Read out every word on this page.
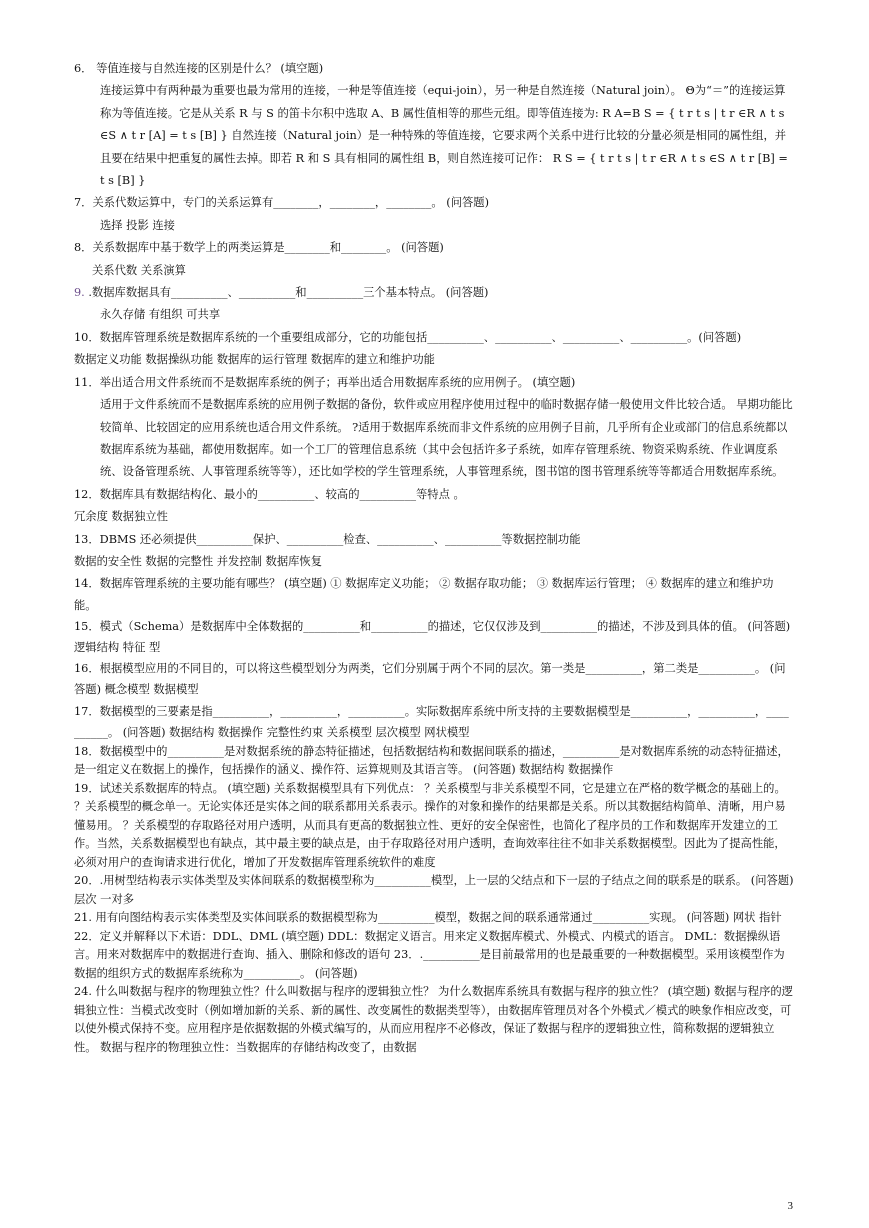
6． 等值连接与自然连接的区别是什么？ (填空题)

连接运算中有两种最为重要也最为常用的连接，一种是等值连接（equi-join），另一种是自然连接（Natural join）。 Θ为“＝”的连接运算称为等值连接。它是从关系 R 与 S 的笛卡尔积中选取 A、B 属性值相等的那些元组。即等值连接为: R A=B S = { t r t s | t r ∈R ∧ t s ∈S ∧ t r [A] = t s [B] } 自然连接（Natural join）是一种特殊的等值连接，它要求两个关系中进行比较的分量必须是相同的属性组，并且要在结果中把重复的属性去掉。即若 R 和 S 具有相同的属性组 B，则自然连接可记作： R S = { t r t s | t r ∈R ∧ t s ∈S ∧ t r [B] = t s [B] }

7．关系代数运算中，专门的关系运算有________，________，________。 (问答题)

选择 投影 连接

8．关系数据库中基于数学上的两类运算是________和________。 (问答题)

关系代数 关系演算

9. .数据库数据具有__________、__________和__________三个基本特点。 (问答题)

永久存储 有组织 可共享

10．数据库管理系统是数据库系统的一个重要组成部分，它的功能包括__________、__________、__________、__________。(问答题)

数据定义功能 数据操纵功能 数据库的运行管理 数据库的建立和维护功能

11．举出适合用文件系统而不是数据库系统的例子；再举出适合用数据库系统的应用例子。 (填空题)

适用于文件系统而不是数据库系统的应用例子数据的备份，软件或应用程序使用过程中的临时数据存储一般使用文件比较合适。 早期功能比较简单、比较固定的应用系统也适合用文件系统。 ?适用于数据库系统而非文件系统的应用例子目前，几乎所有企业或部门的信息系统都以数据库系统为基础，都使用数据库。如一个工厂的管理信息系统（其中会包括许多子系统，如库存管理系统、物资采购系统、作业调度系统、设备管理系统、人事管理系统等等），还比如学校的学生管理系统，人事管理系统，图书馆的图书管理系统等等都适合用数据库系统。

12．数据库具有数据结构化、最小的__________、较高的__________等特点 。

冗余度 数据独立性

13．DBMS 还必须提供__________保护、__________检查、__________、__________等数据控制功能

数据的安全性 数据的完整性 并发控制 数据库恢复

14．数据库管理系统的主要功能有哪些？ (填空题) ① 数据库定义功能； ② 数据存取功能； ③ 数据库运行管理； ④ 数据库的建立和维护功能。

15．模式（Schema）是数据库中全体数据的__________和__________的描述，它仅仅涉及到__________的描述，不涉及到具体的值。 (问答题) 逻辑结构 特征 型

16．根据模型应用的不同目的，可以将这些模型划分为两类，它们分别属于两个不同的层次。第一类是__________，第二类是__________。 (问答题) 概念模型 数据模型

17．数据模型的三要素是指__________，__________，__________。实际数据库系统中所支持的主要数据模型是__________，__________，__________。 (问答题) 数据结构 数据操作 完整性约束 关系模型 层次模型 网状模型

18．数据模型中的__________是对数据系统的静态特征描述，包括数据结构和数据间联系的描述，__________是对数据库系统的动态特征描述，是一组定义在数据上的操作，包括操作的涵义、操作符、运算规则及其语言等。 (问答题) 数据结构 数据操作

19．试述关系数据库的特点。 (填空题) 关系数据模型具有下列优点： ？关系模型与非关系模型不同，它是建立在严格的数学概念的基础上的。 ？关系模型的概念单一。无论实体还是实体之间的联系都用关系表示。操作的对象和操作的结果都是关系。所以其数据结构简单、清晰，用户易懂易用。 ？关系模型的存取路径对用户透明，从而具有更高的数据独立性、更好的安全保密性，也简化了程序员的工作和数据库开发建立的工作。当然，关系数据模型也有缺点，其中最主要的缺点是，由于存取路径对用户透明，查询效率往往不如非关系数据模型。因此为了提高性能，必须对用户的查询请求进行优化，增加了开发数据库管理系统软件的难度

20．.用树型结构表示实体类型及实体间联系的数据模型称为__________模型，上一层的父结点和下一层的子结点之间的联系是的联系。 (问答题) 层次 一对多

21. 用有向图结构表示实体类型及实体间联系的数据模型称为__________模型，数据之间的联系通常通过__________实现。 (问答题) 网状 指针

22．定义并解释以下术语：DDL、DML (填空题) DDL：数据定义语言。用来定义数据库模式、外模式、内模式的语言。 DML：数据操纵语言。用来对数据库中的数据进行查询、插入、删除和修改的语句 23．.__________是目前最常用的也是最重要的一种数据模型。采用该模型作为数据的组织方式的数据库系统称为__________。 (问答题)

24. 什么叫数据与程序的物理独立性？什么叫数据与程序的逻辑独立性？ 为什么数据库系统具有数据与程序的独立性？ (填空题) 数据与程序的逻辑独立性：当模式改变时（例如增加新的关系、新的属性、改变属性的数据类型等），由数据库管理员对各个外模式／模式的映象作相应改变，可以使外模式保持不变。应用程序是依据数据的外模式编写的，从而应用程序不必修改，保证了数据与程序的逻辑独立性，简称数据的逻辑独立性。 数据与程序的物理独立性：当数据库的存储结构改变了，由数据

3
